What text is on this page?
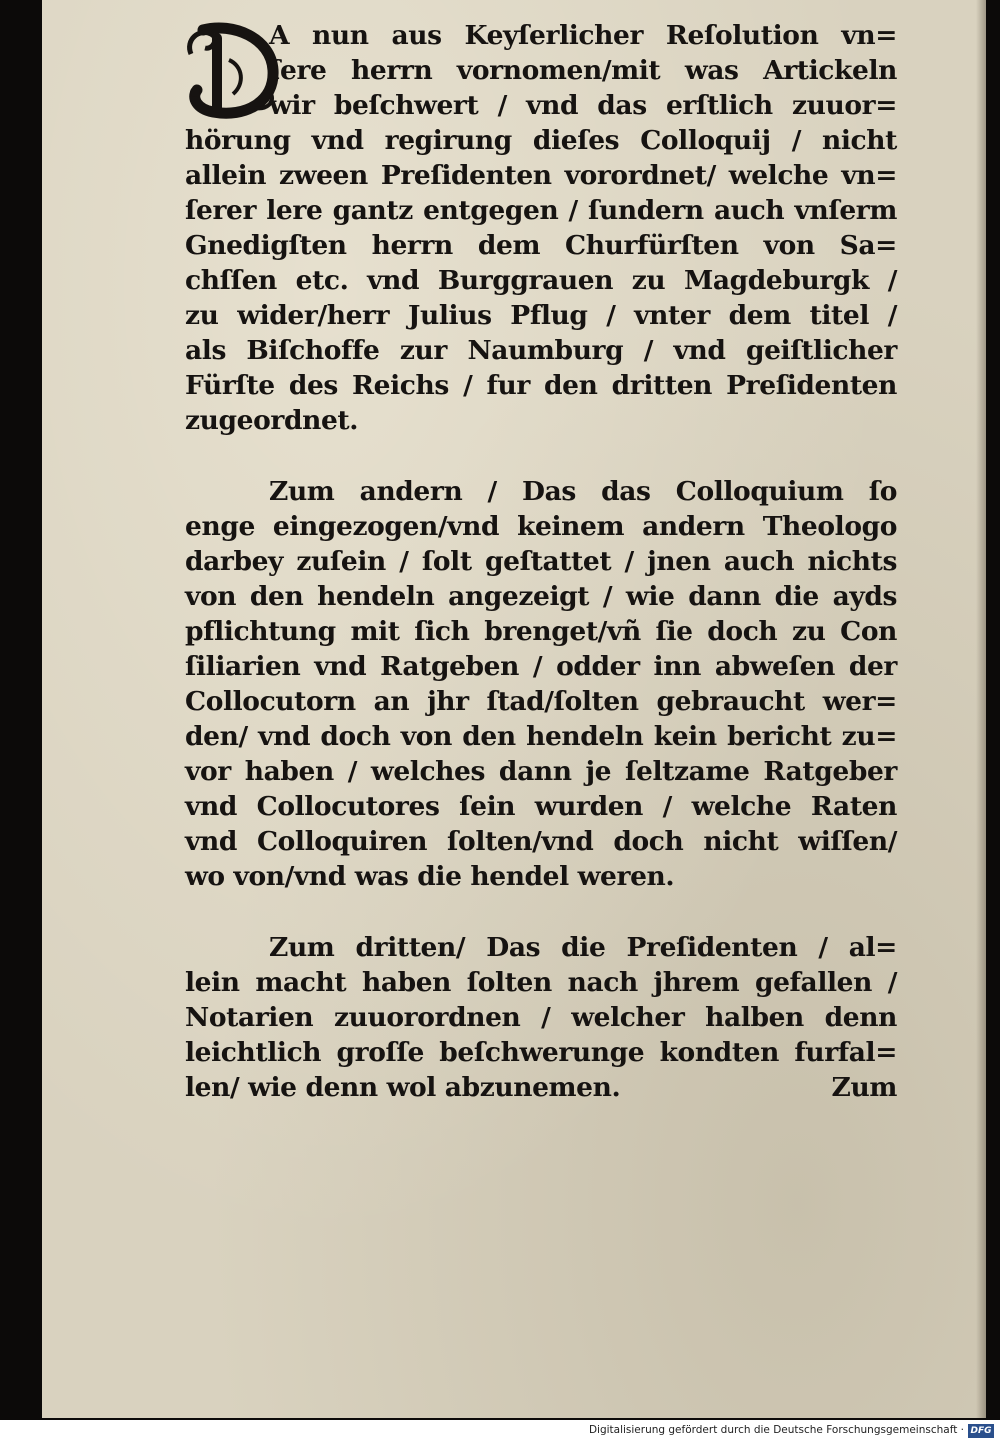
A nun aus Keyſerlicher Reſolution vn=
ſere herrn vornomen/mit was Artickeln
wir beſchwert / vnd das erſtlich zuuor=
hörung vnd regirung dieſes Colloquij / nicht
allein zween Preſidenten vorordnet/ welche vn=
ſerer lere gantz entgegen / ſundern auch vnſerm
Gnedigſten herrn dem Churfürſten von Sa=
chſſen etc. vnd Burggrauen zu Magdeburgk /
zu wider/herr Julius Pflug / vnter dem titel /
als Biſchoffe zur Naumburg / vnd geiſtlicher
Fürſte des Reichs / fur den dritten Preſidenten
zugeordnet.
Zum andern / Das das Colloquium ſo
enge eingezogen/vnd keinem andern Theologo
darbey zuſein / ſolt geſtattet / jnen auch nichts
von den hendeln angezeigt / wie dann die ayds
pflichtung mit ſich brenget/vñ ſie doch zu Con
ſiliarien vnd Ratgeben / odder inn abweſen der
Collocutorn an jhr ſtad/ſolten gebraucht wer=
den/ vnd doch von den hendeln kein bericht zu=
vor haben / welches dann je ſeltzame Ratgeber
vnd Collocutores ſein wurden / welche Raten
vnd Colloquiren ſolten/vnd doch nicht wiſſen/
wo von/vnd was die hendel weren.
Zum dritten/ Das die Preſidenten / al=
lein macht haben ſolten nach jhrem gefallen /
Notarien zuuorordnen / welcher halben denn
leichtlich groſſe beſchwerunge kondten furfal=
len/ wie denn wol abzunemen.	Zum
Digitalisierung gefördert durch die Deutsche Forschungsgemeinschaft · DFG
